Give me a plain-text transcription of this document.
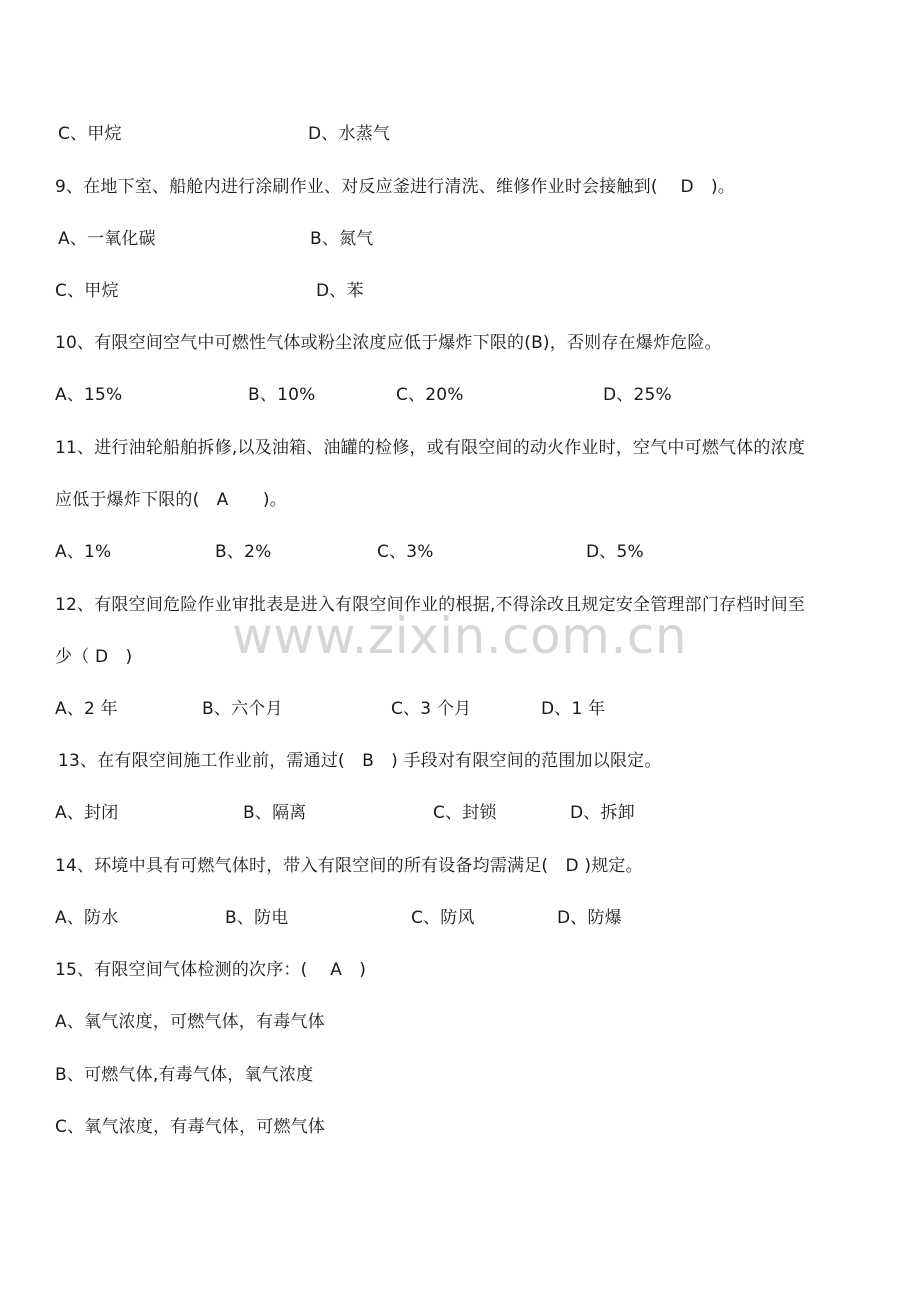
www.zixin.com.cn
C、甲烷	D、水蒸气
9、在地下室、船舱内进行涂刷作业、对反应釜进行清洗、维修作业时会接触到(　 D　)。
A、一氧化碳	B、氮气
C、甲烷	D、苯
10、有限空间空气中可燃性气体或粉尘浓度应低于爆炸下限的(B)，否则存在爆炸危险。
A、15%	B、10%	C、20%	D、25%
11、进行油轮船舶拆修,以及油箱、油罐的检修，或有限空间的动火作业时，空气中可燃气体的浓度
应低于爆炸下限的(　A　　)。
A、1%	B、2%	C、3%	D、5%
12、有限空间危险作业审批表是进入有限空间作业的根据,不得涂改且规定安全管理部门存档时间至
少（ D　)
A、2 年	B、六个月	C、3 个月	D、1 年
13、在有限空间施工作业前，需通过(　B　) 手段对有限空间的范围加以限定。
A、封闭	B、隔离	C、封锁	D、拆卸
14、环境中具有可燃气体时，带入有限空间的所有设备均需满足(　D )规定。
A、防水	B、防电	C、防风	D、防爆
15、有限空间气体检测的次序：(　 A　)
A、氧气浓度，可燃气体，有毒气体
B、可燃气体,有毒气体，氧气浓度
C、氧气浓度，有毒气体，可燃气体
